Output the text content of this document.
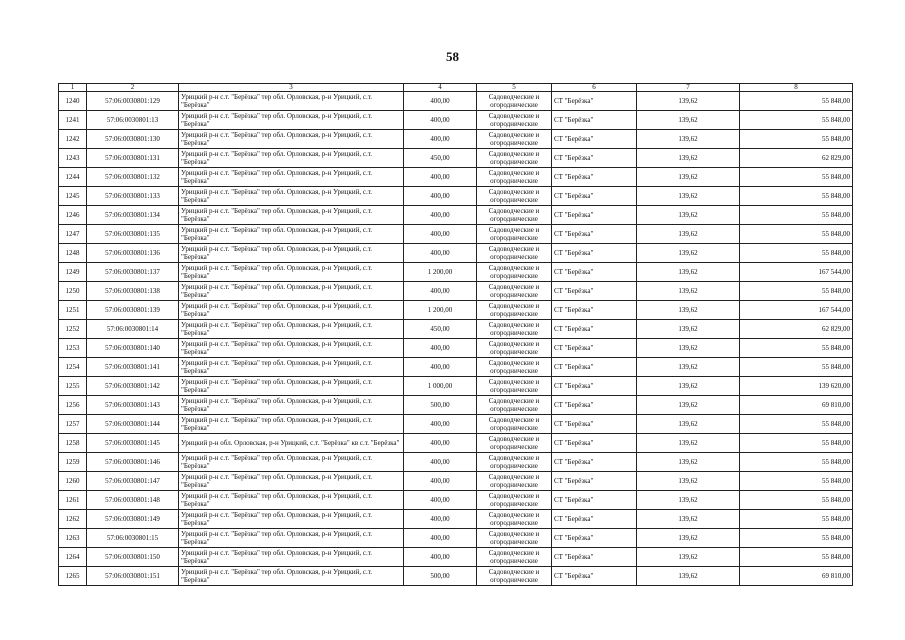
58
1	2	3	4	5	6	7	8
1240	57:06:0030801:129	Урицкий р-н с.т. "Берёзка" тер обл. Орловская, р-н Урицкий, с.т. "Берёзка"	400,00	Садоводческие и огороднические	СТ "Берёзка"	139,62	55 848,00
1241	57:06:0030801:13	Урицкий р-н с.т. "Берёзка" тер обл. Орловская, р-н Урицкий, с.т. "Берёзка"	400,00	Садоводческие и огороднические	СТ "Берёзка"	139,62	55 848,00
1242	57:06:0030801:130	Урицкий р-н с.т. "Берёзка" тер обл. Орловская, р-н Урицкий, с.т. "Берёзка"	400,00	Садоводческие и огороднические	СТ "Берёзка"	139,62	55 848,00
1243	57:06:0030801:131	Урицкий р-н с.т. "Берёзка" тер обл. Орловская, р-н Урицкий, с.т. "Берёзка"	450,00	Садоводческие и огороднические	СТ "Берёзка"	139,62	62 829,00
1244	57:06:0030801:132	Урицкий р-н с.т. "Берёзка" тер обл. Орловская, р-н Урицкий, с.т. "Берёзка"	400,00	Садоводческие и огороднические	СТ "Берёзка"	139,62	55 848,00
1245	57:06:0030801:133	Урицкий р-н с.т. "Берёзка" тер обл. Орловская, р-н Урицкий, с.т. "Берёзка"	400,00	Садоводческие и огороднические	СТ "Берёзка"	139,62	55 848,00
1246	57:06:0030801:134	Урицкий р-н с.т. "Берёзка" тер обл. Орловская, р-н Урицкий, с.т. "Берёзка"	400,00	Садоводческие и огороднические	СТ "Берёзка"	139,62	55 848,00
1247	57:06:0030801:135	Урицкий р-н с.т. "Берёзка" тер обл. Орловская, р-н Урицкий, с.т. "Берёзка"	400,00	Садоводческие и огороднические	СТ "Берёзка"	139,62	55 848,00
1248	57:06:0030801:136	Урицкий р-н с.т. "Берёзка" тер обл. Орловская, р-н Урицкий, с.т. "Берёзка"	400,00	Садоводческие и огороднические	СТ "Берёзка"	139,62	55 848,00
1249	57:06:0030801:137	Урицкий р-н с.т. "Берёзка" тер обл. Орловская, р-н Урицкий, с.т. "Берёзка"	1 200,00	Садоводческие и огороднические	СТ "Берёзка"	139,62	167 544,00
1250	57:06:0030801:138	Урицкий р-н с.т. "Берёзка" тер обл. Орловская, р-н Урицкий, с.т. "Берёзка"	400,00	Садоводческие и огороднические	СТ "Берёзка"	139,62	55 848,00
1251	57:06:0030801:139	Урицкий р-н с.т. "Берёзка" тер обл. Орловская, р-н Урицкий, с.т. "Берёзка"	1 200,00	Садоводческие и огороднические	СТ "Берёзка"	139,62	167 544,00
1252	57:06:0030801:14	Урицкий р-н с.т. "Берёзка" тер обл. Орловская, р-н Урицкий, с.т. "Берёзка"	450,00	Садоводческие и огороднические	СТ "Берёзка"	139,62	62 829,00
1253	57:06:0030801:140	Урицкий р-н с.т. "Берёзка" тер обл. Орловская, р-н Урицкий, с.т. "Берёзка"	400,00	Садоводческие и огороднические	СТ "Берёзка"	139,62	55 848,00
1254	57:06:0030801:141	Урицкий р-н с.т. "Берёзка" тер обл. Орловская, р-н Урицкий, с.т. "Берёзка"	400,00	Садоводческие и огороднические	СТ "Берёзка"	139,62	55 848,00
1255	57:06:0030801:142	Урицкий р-н с.т. "Берёзка" тер обл. Орловская, р-н Урицкий, с.т. "Берёзка"	1 000,00	Садоводческие и огороднические	СТ "Берёзка"	139,62	139 620,00
1256	57:06:0030801:143	Урицкий р-н с.т. "Берёзка" тер обл. Орловская, р-н Урицкий, с.т. "Берёзка"	500,00	Садоводческие и огороднические	СТ "Берёзка"	139,62	69 810,00
1257	57:06:0030801:144	Урицкий р-н с.т. "Берёзка" тер обл. Орловская, р-н Урицкий, с.т. "Берёзка"	400,00	Садоводческие и огороднические	СТ "Берёзка"	139,62	55 848,00
1258	57:06:0030801:145	Урицкий р-н обл. Орловская, р-н Урицкий, с.т. "Берёзка" кв с.т. "Берёзка"	400,00	Садоводческие и огороднические	СТ "Берёзка"	139,62	55 848,00
1259	57:06:0030801:146	Урицкий р-н с.т. "Берёзка" тер обл. Орловская, р-н Урицкий, с.т. "Берёзка"	400,00	Садоводческие и огороднические	СТ "Берёзка"	139,62	55 848,00
1260	57:06:0030801:147	Урицкий р-н с.т. "Берёзка" тер обл. Орловская, р-н Урицкий, с.т. "Берёзка"	400,00	Садоводческие и огороднические	СТ "Берёзка"	139,62	55 848,00
1261	57:06:0030801:148	Урицкий р-н с.т. "Берёзка" тер обл. Орловская, р-н Урицкий, с.т. "Берёзка"	400,00	Садоводческие и огороднические	СТ "Берёзка"	139,62	55 848,00
1262	57:06:0030801:149	Урицкий р-н с.т. "Берёзка" тер обл. Орловская, р-н Урицкий, с.т. "Берёзка"	400,00	Садоводческие и огороднические	СТ "Берёзка"	139,62	55 848,00
1263	57:06:0030801:15	Урицкий р-н с.т. "Берёзка" тер обл. Орловская, р-н Урицкий, с.т. "Берёзка"	400,00	Садоводческие и огороднические	СТ "Берёзка"	139,62	55 848,00
1264	57:06:0030801:150	Урицкий р-н с.т. "Берёзка" тер обл. Орловская, р-н Урицкий, с.т. "Берёзка"	400,00	Садоводческие и огороднические	СТ "Берёзка"	139,62	55 848,00
1265	57:06:0030801:151	Урицкий р-н с.т. "Берёзка" тер обл. Орловская, р-н Урицкий, с.т. "Берёзка"	500,00	Садоводческие и огороднические	СТ "Берёзка"	139,62	69 810,00
